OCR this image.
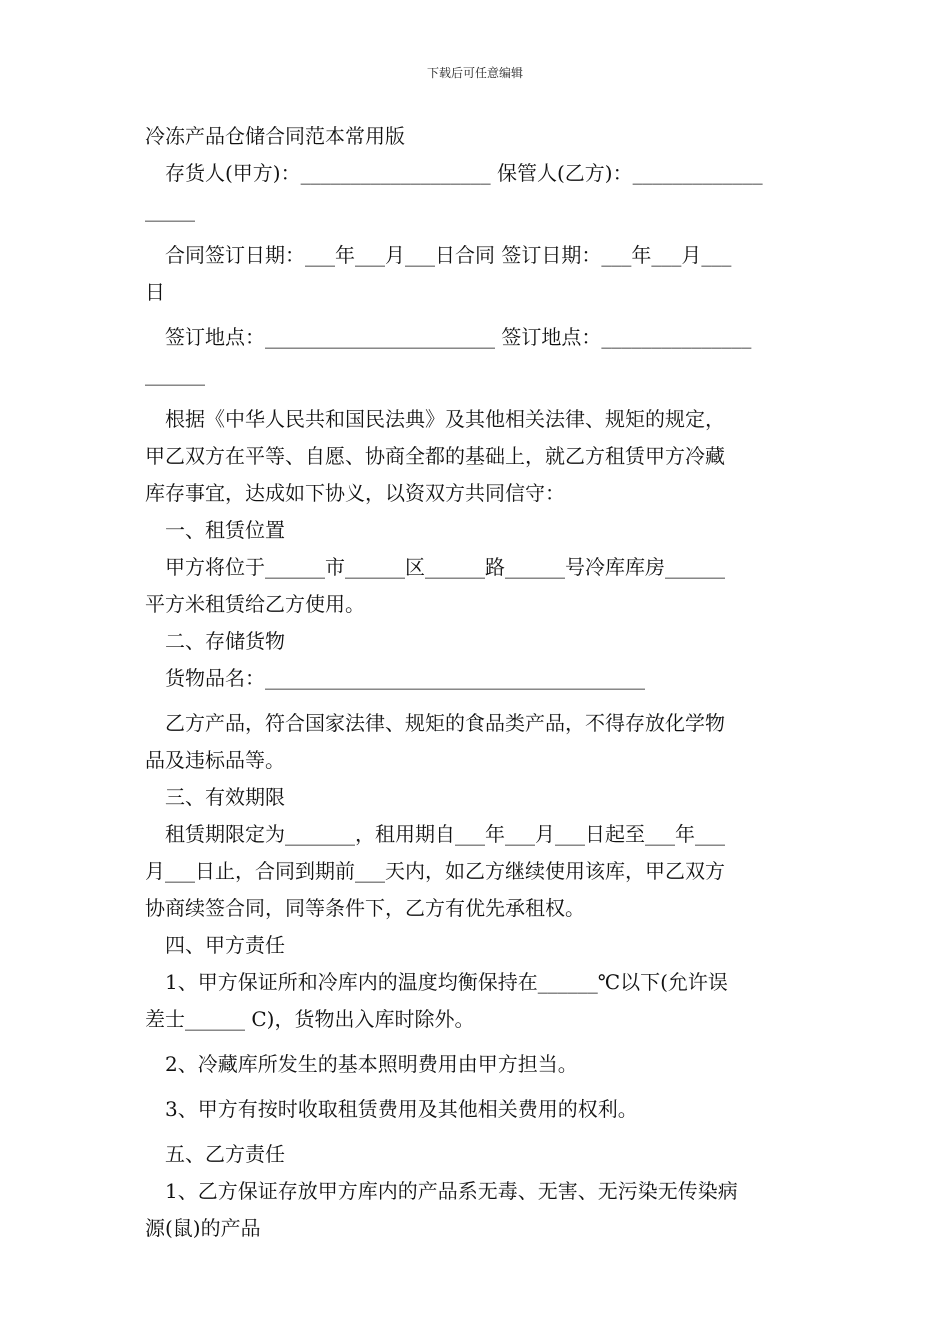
下载后可任意编辑
冷冻产品仓储合同范本常用版
存货人(甲方)：___________________ 保管人(乙方)：_____________
_____
合同签订日期：___年___月___日合同 签订日期：___年___月___
日
签订地点：_______________________ 签订地点：_______________
______
根据《中华人民共和国民法典》及其他相关法律、规矩的规定，
甲乙双方在平等、自愿、协商全都的基础上，就乙方租赁甲方冷藏
库存事宜，达成如下协义，以资双方共同信守：
一、租赁位置
甲方将位于______市______区______路______号冷库库房______
平方米租赁给乙方使用。
二、存储货物
货物品名：______________________________________
乙方产品，符合国家法律、规矩的食品类产品，不得存放化学物
品及违标品等。
三、有效期限
租赁期限定为_______，租用期自___年___月___日起至___年___
月___日止，合同到期前___天内，如乙方继续使用该库，甲乙双方
协商续签合同，同等条件下，乙方有优先承租权。
四、甲方责任
1、甲方保证所和冷库内的温度均衡保持在______℃以下(允许误
差士______ C)，货物出入库时除外。
2、冷藏库所发生的基本照明费用由甲方担当。
3、甲方有按时收取租赁费用及其他相关费用的权利。
五、乙方责任
1、乙方保证存放甲方库内的产品系无毒、无害、无污染无传染病
源(鼠)的产品
